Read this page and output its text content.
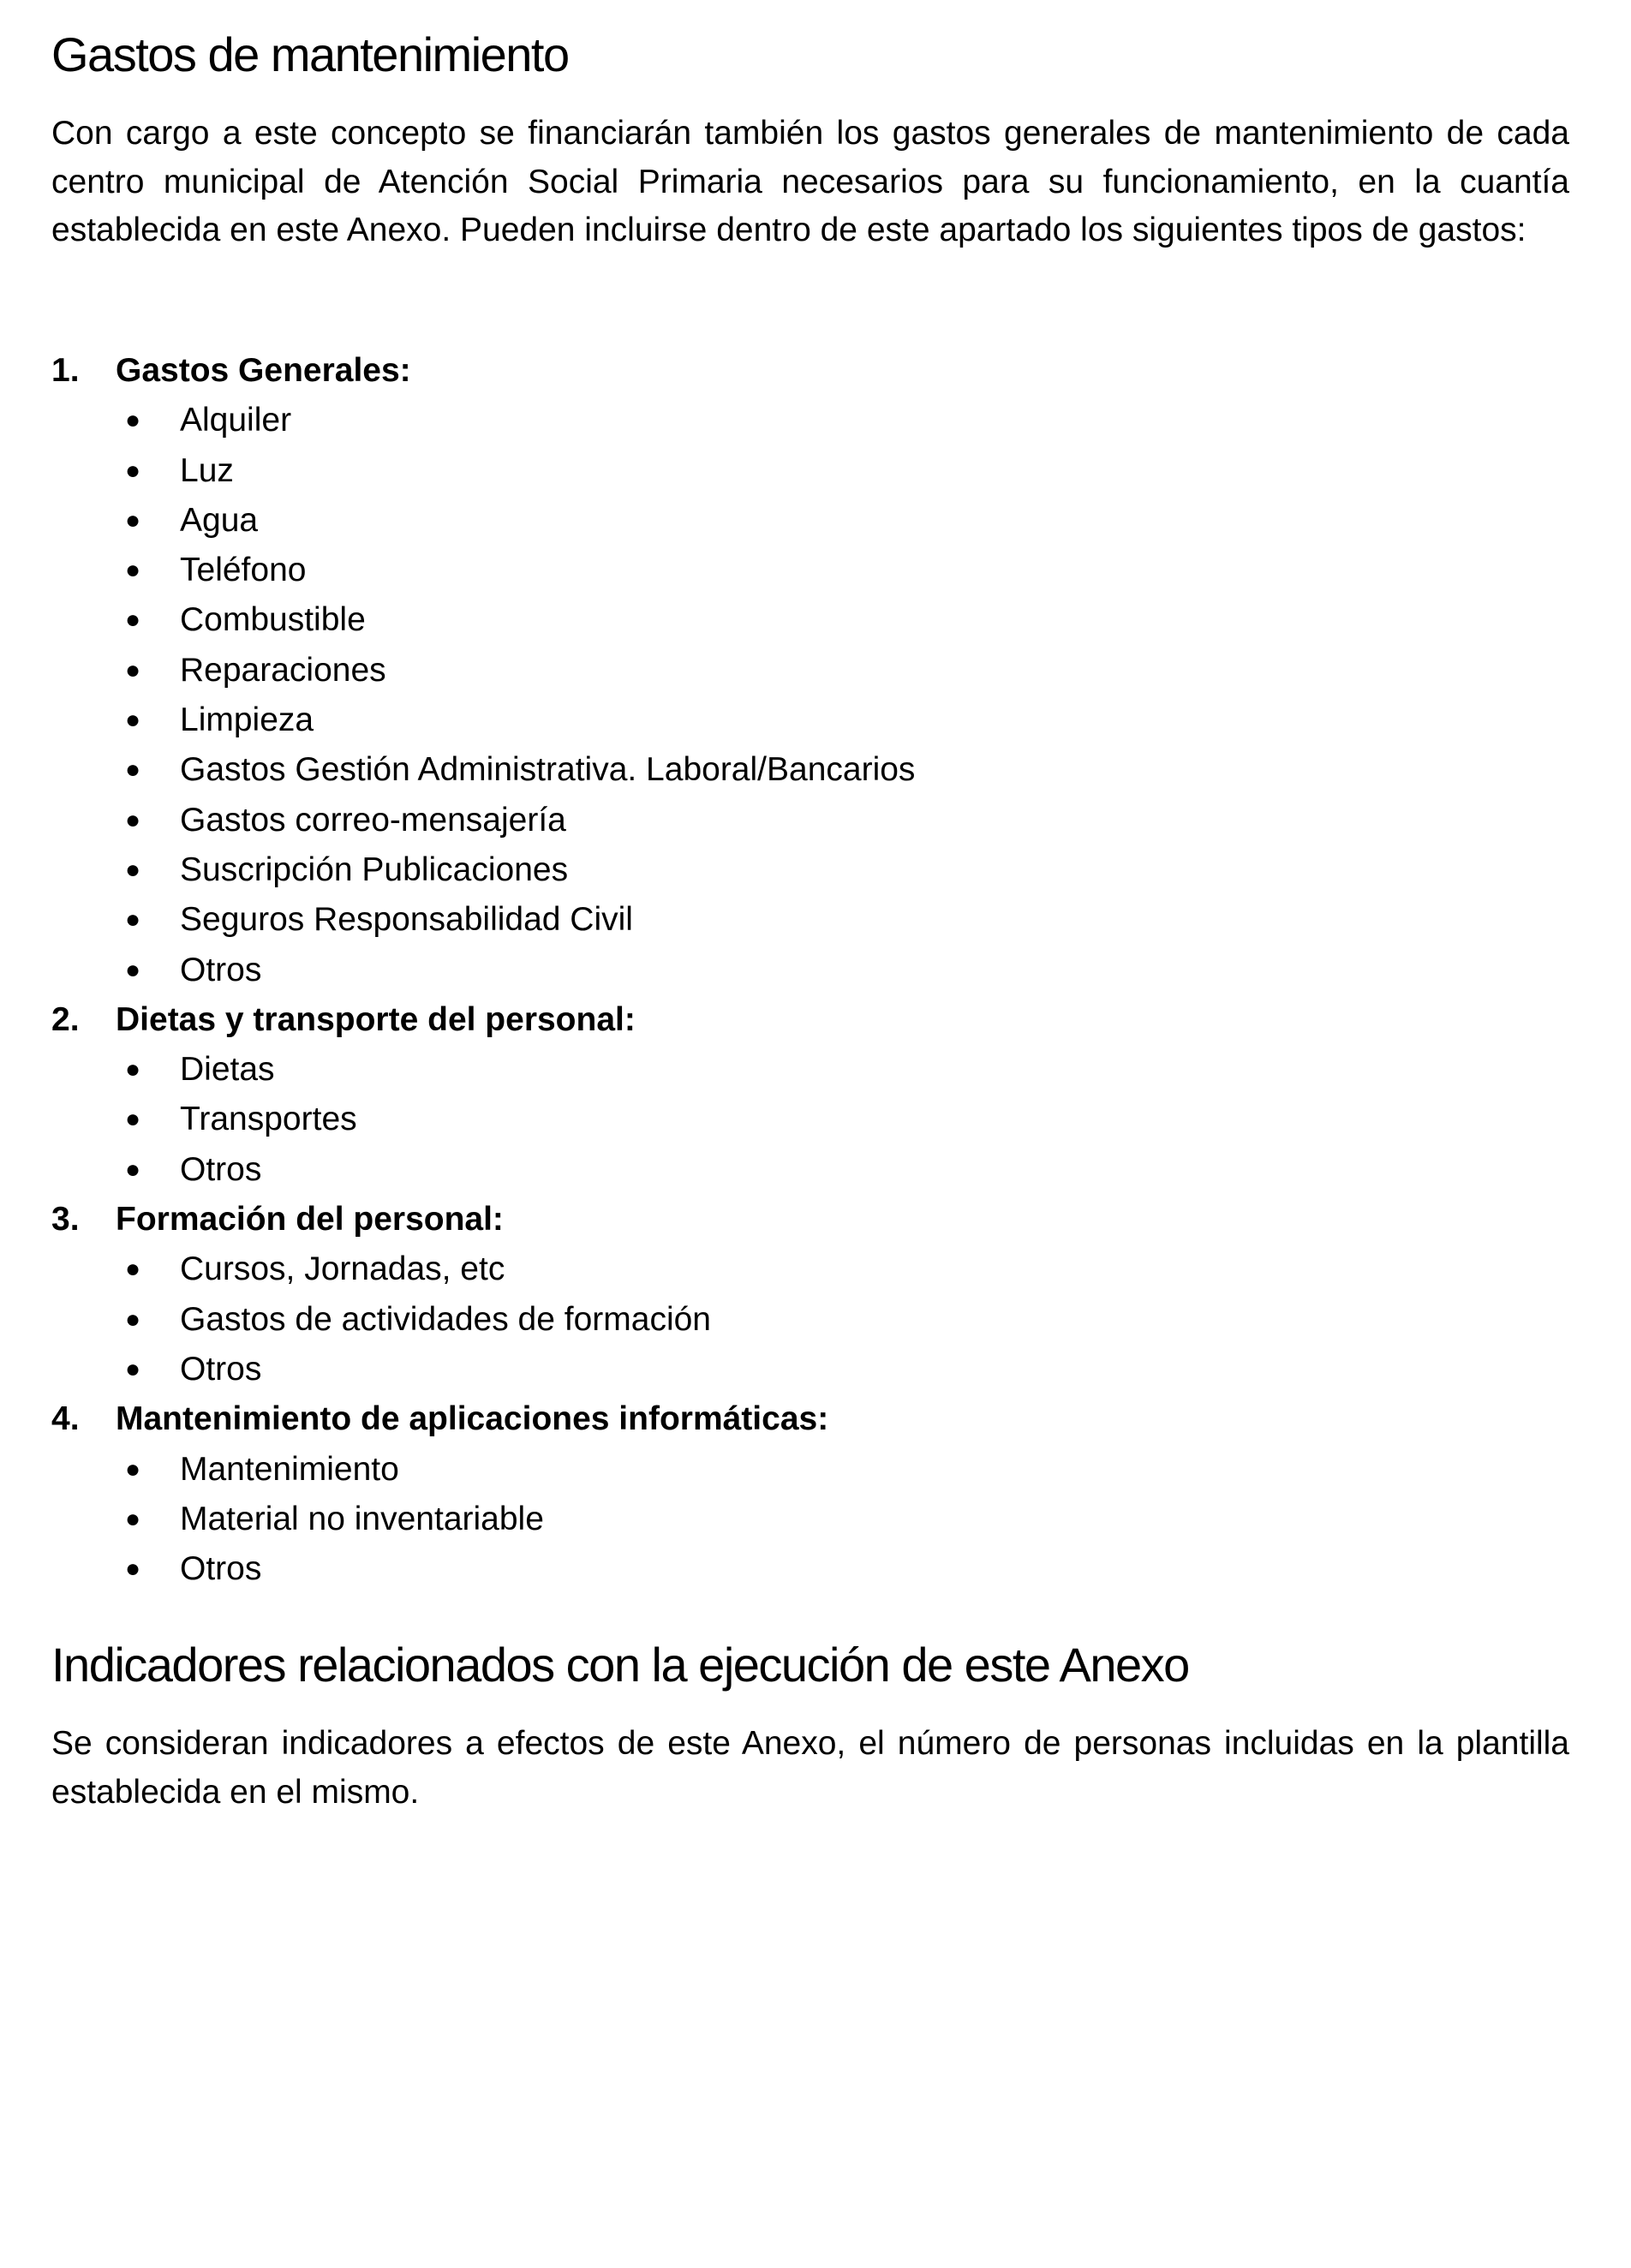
Gastos de mantenimiento

Con cargo a este concepto se financiarán también los gastos generales de mantenimiento de cada centro municipal de Atención Social Primaria necesarios para su funcionamiento, en la cuantía establecida en este Anexo. Pueden incluirse dentro de este apartado los siguientes tipos de gastos:

1.	Gastos Generales:
●	Alquiler
●	Luz
●	Agua
●	Teléfono
●	Combustible
●	Reparaciones
●	Limpieza
●	Gastos Gestión Administrativa. Laboral/Bancarios
●	Gastos correo-mensajería
●	Suscripción Publicaciones
●	Seguros Responsabilidad Civil
●	Otros
2.	Dietas y transporte del personal:
●	Dietas
●	Transportes
●	Otros
3.	Formación del personal:
●	Cursos, Jornadas, etc
●	Gastos de actividades de formación
●	Otros
4.	Mantenimiento de aplicaciones informáticas:
●	Mantenimiento
●	Material no inventariable
●	Otros
Indicadores relacionados con la ejecución de este Anexo

Se consideran indicadores a efectos de este Anexo, el número de personas incluidas en la plantilla establecida en el mismo.
